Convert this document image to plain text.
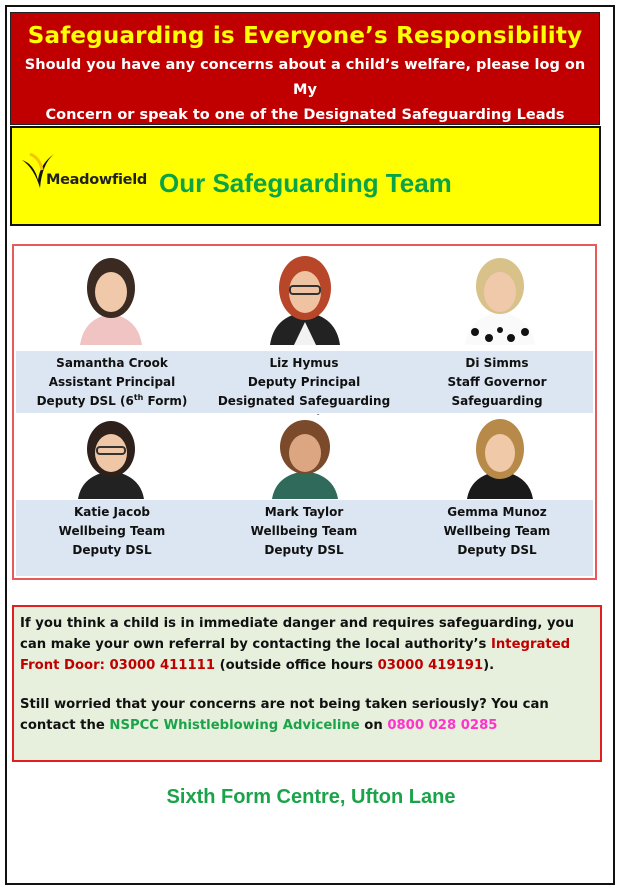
Safeguarding is Everyone’s Responsibility

Should you have any concerns about a child’s welfare, please log on My
Concern or speak to one of the Designated Safeguarding Leads

Meadowfield Our Safeguarding Team
Samantha Crook
Assistant Principal
Deputy DSL (6th Form)
Liz Hymus
Deputy Principal
Designated Safeguarding
Di Simms
Staff Governor
Safeguarding
Katie Jacob
Wellbeing Team
Deputy DSL
Mark Taylor
Wellbeing Team
Deputy DSL
Gemma Munoz
Wellbeing Team
Deputy DSL

If you think a child is in immediate danger and requires safeguarding, you can make your own referral by contacting the local authority’s Integrated Front Door: 03000 411111 (outside office hours 03000 419191).

Still worried that your concerns are not being taken seriously? You can contact the NSPCC Whistleblowing Adviceline on 0800 028 0285

Sixth Form Centre, Ufton Lane
